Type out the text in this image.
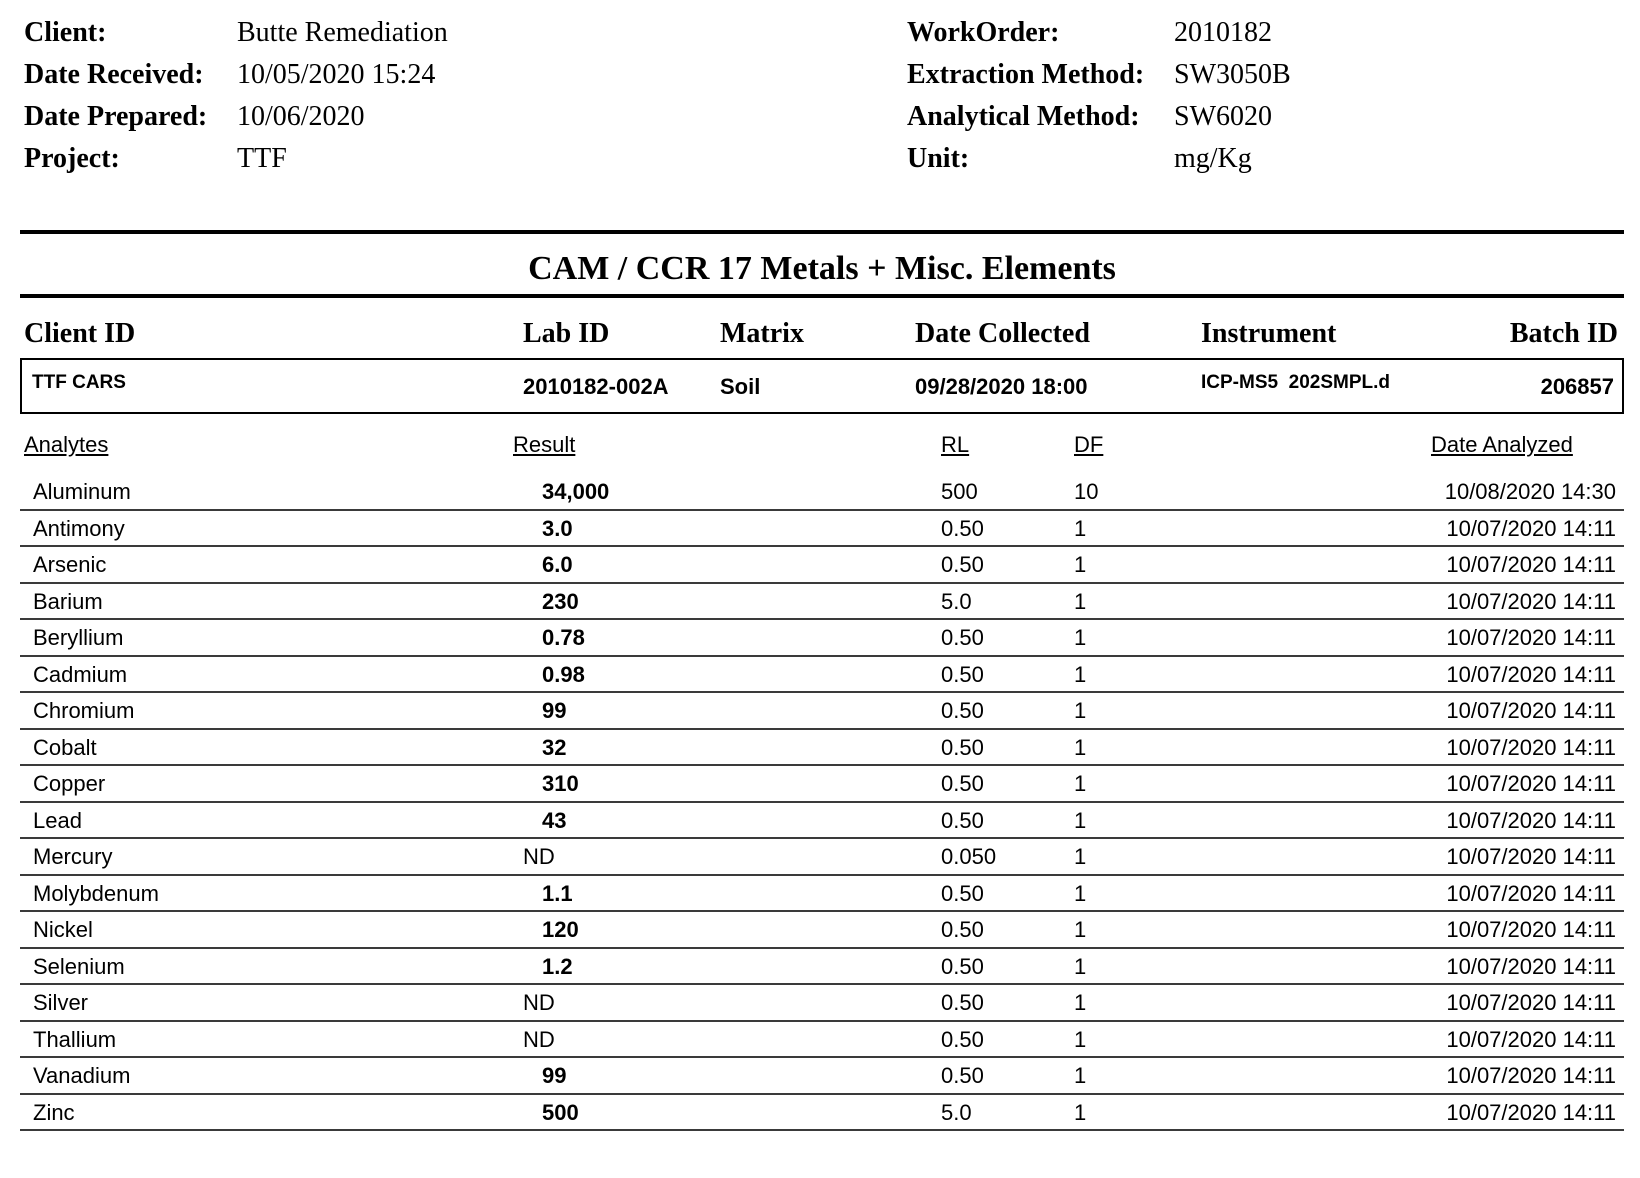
Client:	Butte Remediation
Date Received:	10/05/2020 15:24
Date Prepared:	10/06/2020
Project:	TTF
WorkOrder:	2010182
Extraction Method:	SW3050B
Analytical Method:	SW6020
Unit:	mg/Kg
CAM / CCR 17 Metals + Misc. Elements
Client ID	Lab ID	Matrix	Date Collected	Instrument	Batch ID
TTF CARS	2010182-002A Soil	09/28/2020 18:00	ICP-MS5  202SMPL.d	206857
Analytes	Result	RL	DF	Date Analyzed
Aluminum	34,000	500	10	10/08/2020 14:30
Antimony	3.0	0.50	1	10/07/2020 14:11
Arsenic	6.0	0.50	1	10/07/2020 14:11
Barium	230	5.0	1	10/07/2020 14:11
Beryllium	0.78	0.50	1	10/07/2020 14:11
Cadmium	0.98	0.50	1	10/07/2020 14:11
Chromium	99	0.50	1	10/07/2020 14:11
Cobalt	32	0.50	1	10/07/2020 14:11
Copper	310	0.50	1	10/07/2020 14:11
Lead	43	0.50	1	10/07/2020 14:11
Mercury	ND	0.050	1	10/07/2020 14:11
Molybdenum	1.1	0.50	1	10/07/2020 14:11
Nickel	120	0.50	1	10/07/2020 14:11
Selenium	1.2	0.50	1	10/07/2020 14:11
Silver	ND	0.50	1	10/07/2020 14:11
Thallium	ND	0.50	1	10/07/2020 14:11
Vanadium	99	0.50	1	10/07/2020 14:11
Zinc	500	5.0	1	10/07/2020 14:11
